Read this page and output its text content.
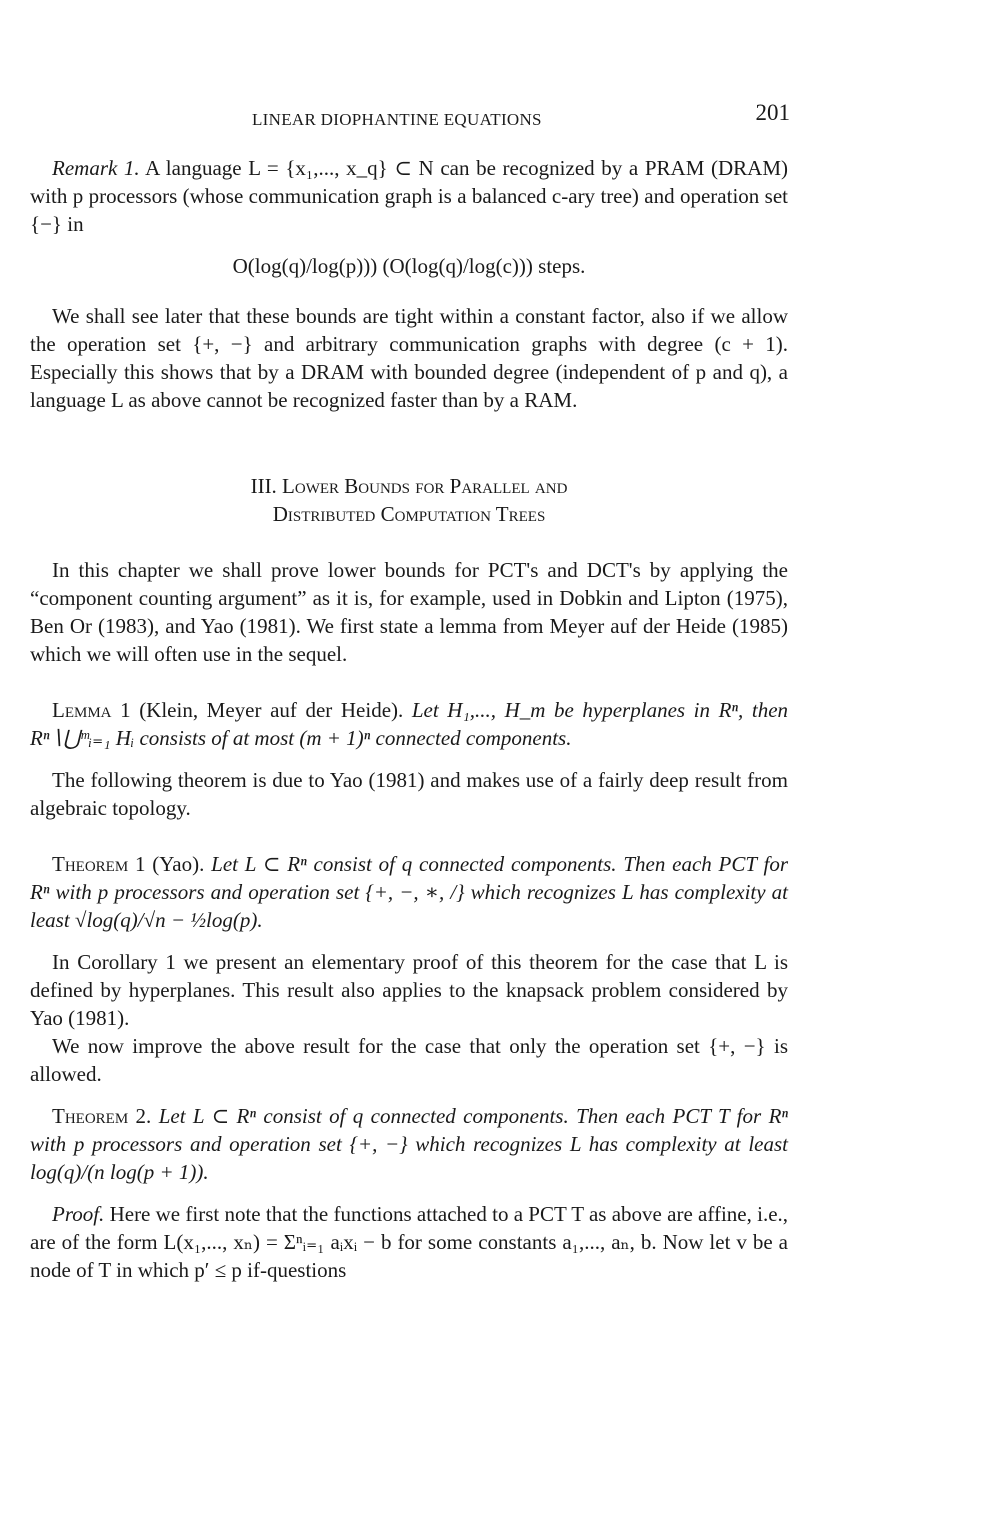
LINEAR DIOPHANTINE EQUATIONS	201

Remark 1. A language L = {x₁,..., x_q} ⊂ N can be recognized by a PRAM (DRAM) with p processors (whose communication graph is a balanced c-ary tree) and operation set {−} in

O(log(q)/log(p))) (O(log(q)/log(c))) steps.

We shall see later that these bounds are tight within a constant factor, also if we allow the operation set {+, −} and arbitrary communication graphs with degree (c + 1). Especially this shows that by a DRAM with bounded degree (independent of p and q), a language L as above cannot be recognized faster than by a RAM.

III. Lower Bounds for Parallel and
Distributed Computation Trees

In this chapter we shall prove lower bounds for PCT's and DCT's by applying the “component counting argument” as it is, for example, used in Dobkin and Lipton (1975), Ben Or (1983), and Yao (1981). We first state a lemma from Meyer auf der Heide (1985) which we will often use in the sequel.

Lemma 1 (Klein, Meyer auf der Heide). Let H₁,..., H_m be hyperplanes in Rⁿ, then Rⁿ∖⋃ᵐᵢ₌₁ Hᵢ consists of at most (m + 1)ⁿ connected components.

The following theorem is due to Yao (1981) and makes use of a fairly deep result from algebraic topology.

Theorem 1 (Yao). Let L ⊂ Rⁿ consist of q connected components. Then each PCT for Rⁿ with p processors and operation set {+, −, ∗, /} which recognizes L has complexity at least √log(q)/√n − ½log(p).

In Corollary 1 we present an elementary proof of this theorem for the case that L is defined by hyperplanes. This result also applies to the knapsack problem considered by Yao (1981).

We now improve the above result for the case that only the operation set {+, −} is allowed.

Theorem 2. Let L ⊂ Rⁿ consist of q connected components. Then each PCT T for Rⁿ with p processors and operation set {+, −} which recognizes L has complexity at least log(q)/(n log(p + 1)).

Proof. Here we first note that the functions attached to a PCT T as above are affine, i.e., are of the form L(x₁,..., xₙ) = Σⁿᵢ₌₁ aᵢxᵢ − b for some constants a₁,..., aₙ, b. Now let v be a node of T in which p′ ≤ p if-questions
